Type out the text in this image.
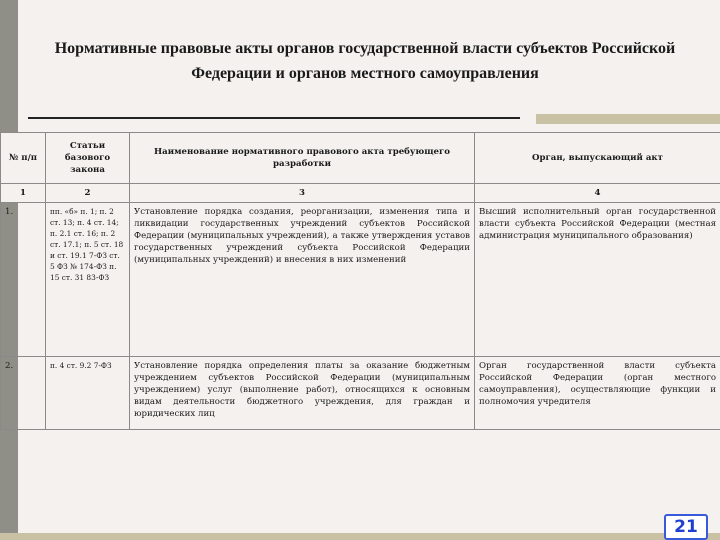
Нормативные правовые акты органов государственной власти субъектов Российской Федерации и органов местного самоуправления
№ п/п	Статьи базового закона	Наименование нормативного правового акта требующего разработки	Орган, выпускающий акт
1	2	3	4
1.	пп. «б» п. 1; п. 2 ст. 13; п. 4 ст. 14; п. 2.1 ст. 16; п. 2 ст. 17.1; п. 5 ст. 18 и ст. 19.1 7-ФЗ ст. 5 ФЗ № 174-ФЗ п. 15 ст. 31 83-ФЗ	Установление порядка создания, реорганизации, изменения типа и ликвидации государственных учреждений субъектов Российской Федерации (муниципальных учреждений), а также утверждения уставов государственных учреждений субъекта Российской Федерации (муниципальных учреждений) и внесения в них изменений	Высший исполнительный орган государственной власти субъекта Российской Федерации (местная администрация муниципального образования)
2.	п. 4 ст. 9.2 7-ФЗ	Установление порядка определения платы за оказание бюджетным учреждением субъектов Российской Федерации (муниципальным учреждением) услуг (выполнение работ), относящихся к основным видам деятельности бюджетного учреждения, для граждан и юридических лиц	Орган государственной власти субъекта Российской Федерации (орган местного самоуправления), осуществляющие функции и полномочия учредителя
21
